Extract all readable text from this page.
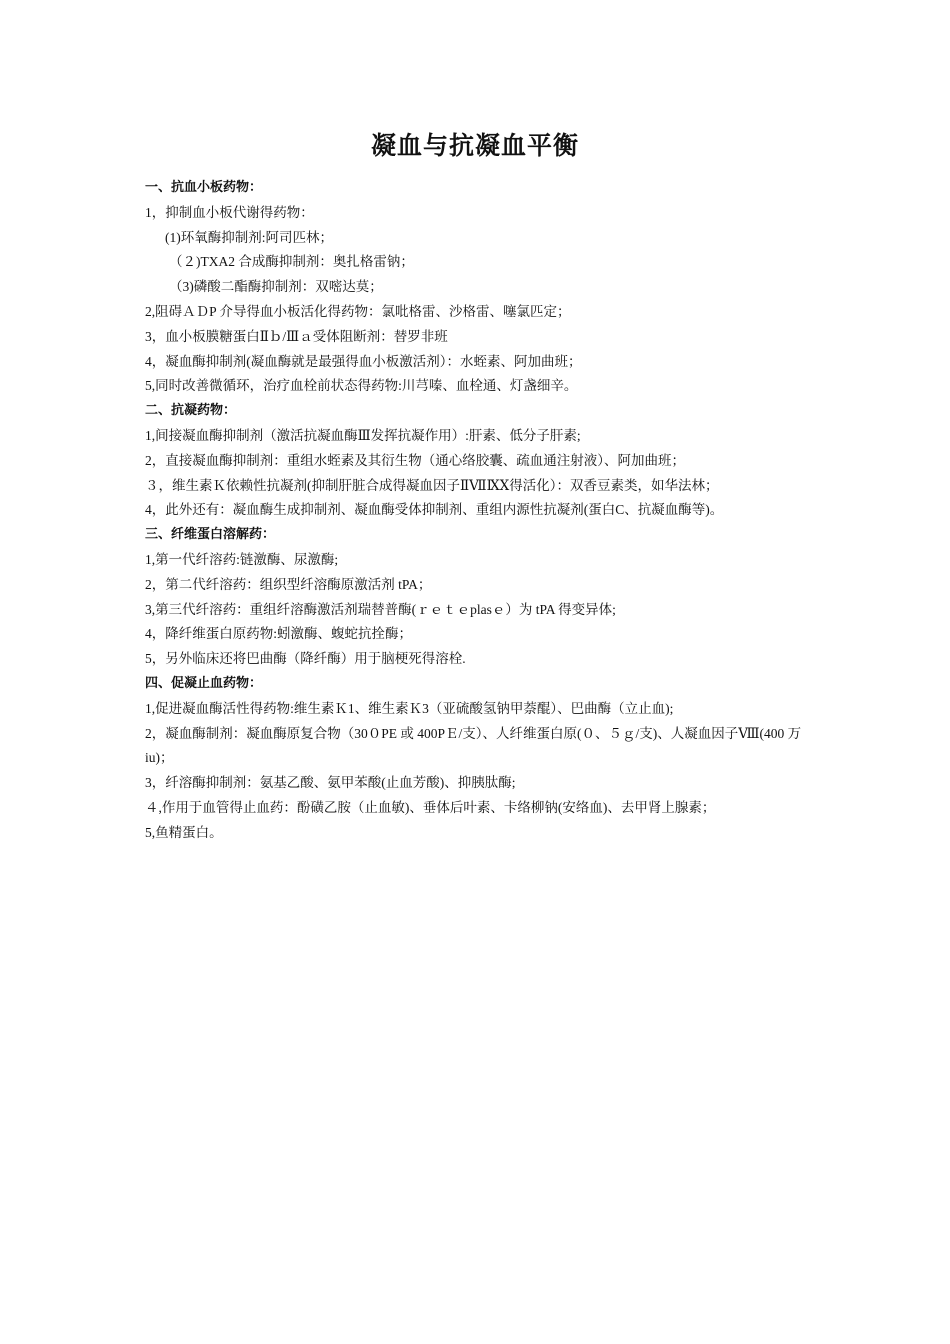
凝血与抗凝血平衡
一、抗血小板药物：
1，抑制血小板代谢得药物：
(1)环氧酶抑制剂:阿司匹林；
（２)TXA2 合成酶抑制剂：奥扎格雷钠；
（3)磷酸二酯酶抑制剂：双嘧达莫；
2,阻碍ＡＤP 介导得血小板活化得药物：氯吡格雷、沙格雷、噻氯匹定；
3，血小板膜糖蛋白Ⅱｂ/Ⅲａ受体阻断剂：替罗非班
4，凝血酶抑制剂(凝血酶就是最强得血小板激活剂）：水蛭素、阿加曲班；
5,同时改善微循环，治疗血栓前状态得药物:川芎嗪、血栓通、灯盏细辛。
二、抗凝药物：
1,间接凝血酶抑制剂（激活抗凝血酶Ⅲ发挥抗凝作用）:肝素、低分子肝素;
2，直接凝血酶抑制剂：重组水蛭素及其衍生物（通心络胶囊、疏血通注射液）、阿加曲班；
３，维生素Ｋ依赖性抗凝剂(抑制肝脏合成得凝血因子ⅡⅦⅨⅩ得活化）：双香豆素类，如华法林；
4，此外还有：凝血酶生成抑制剂、凝血酶受体抑制剂、重组内源性抗凝剂(蛋白C、抗凝血酶等)。
三、纤维蛋白溶解药：
1,第一代纤溶药:链激酶、尿激酶;
2，第二代纤溶药：组织型纤溶酶原激活剂 tPA；
3,第三代纤溶药：重组纤溶酶激活剂瑞替普酶(ｒｅｔｅplasｅ）为 tPA 得变异体;
4，降纤维蛋白原药物:蚓激酶、蝮蛇抗拴酶；
5，另外临床还将巴曲酶（降纤酶）用于脑梗死得溶栓.
四、促凝止血药物：
1,促进凝血酶活性得药物:维生素Ｋ1、维生素Ｋ3（亚硫酸氢钠甲萘醌）、巴曲酶（立止血);
2，凝血酶制剂：凝血酶原复合物（30０PE 或 400PＥ/支）、人纤维蛋白原(０、５ｇ/支)、人凝血因子Ⅷ(400 万 iu)；
3，纤溶酶抑制剂：氨基乙酸、氨甲苯酸(止血芳酸)、抑胰肽酶;
４,作用于血管得止血药：酚磺乙胺（止血敏)、垂体后叶素、卡络柳钠(安络血)、去甲肾上腺素；
5,鱼精蛋白。
